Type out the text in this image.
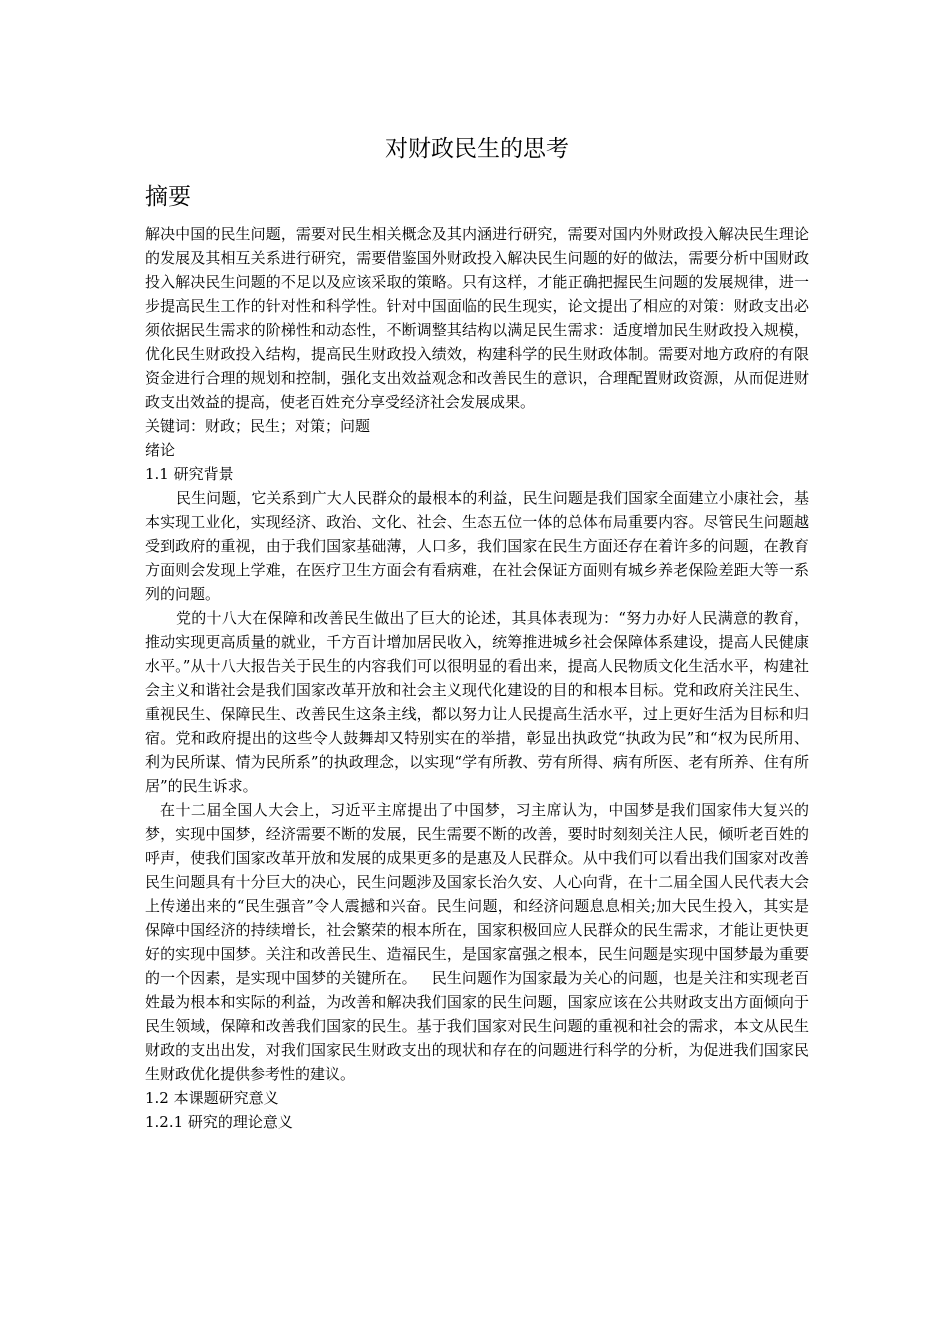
对财政民生的思考
摘要

解决中国的民生问题，需要对民生相关概念及其内涵进行研究，需要对国内外财政投入解决民生理论的发展及其相互关系进行研究，需要借鉴国外财政投入解决民生问题的好的做法，需要分析中国财政投入解决民生问题的不足以及应该采取的策略。只有这样，才能正确把握民生问题的发展规律，进一步提高民生工作的针对性和科学性。针对中国面临的民生现实，论文提出了相应的对策：财政支出必须依据民生需求的阶梯性和动态性，不断调整其结构以满足民生需求：适度增加民生财政投入规模，优化民生财政投入结构，提高民生财政投入绩效，构建科学的民生财政体制。需要对地方政府的有限资金进行合理的规划和控制，强化支出效益观念和改善民生的意识，合理配置财政资源，从而促进财政支出效益的提高，使老百姓充分享受经济社会发展成果。

关键词：财政；民生；对策；问题
绪论
1.1 研究背景

民生问题，它关系到广大人民群众的最根本的利益，民生问题是我们国家全面建立小康社会，基本实现工业化，实现经济、政治、文化、社会、生态五位一体的总体布局重要内容。尽管民生问题越受到政府的重视，由于我们国家基础薄，人口多，我们国家在民生方面还存在着许多的问题，在教育方面则会发现上学难，在医疗卫生方面会有看病难，在社会保证方面则有城乡养老保险差距大等一系列的问题。

党的十八大在保障和改善民生做出了巨大的论述，其具体表现为：“努力办好人民满意的教育，推动实现更高质量的就业，千方百计增加居民收入，统筹推进城乡社会保障体系建设，提高人民健康水平。”从十八大报告关于民生的内容我们可以很明显的看出来，提高人民物质文化生活水平，构建社会主义和谐社会是我们国家改革开放和社会主义现代化建设的目的和根本目标。党和政府关注民生、重视民生、保障民生、改善民生这条主线，都以努力让人民提高生活水平，过上更好生活为目标和归宿。党和政府提出的这些令人鼓舞却又特别实在的举措，彰显出执政党“执政为民”和“权为民所用、利为民所谋、情为民所系”的执政理念，以实现“学有所教、劳有所得、病有所医、老有所养、住有所居”的民生诉求。

在十二届全国人大会上，习近平主席提出了中国梦，习主席认为，中国梦是我们国家伟大复兴的梦，实现中国梦，经济需要不断的发展，民生需要不断的改善，要时时刻刻关注人民，倾听老百姓的呼声，使我们国家改革开放和发展的成果更多的是惠及人民群众。从中我们可以看出我们国家对改善民生问题具有十分巨大的决心，民生问题涉及国家长治久安、人心向背，在十二届全国人民代表大会上传递出来的“民生强音”令人震撼和兴奋。民生问题，和经济问题息息相关;加大民生投入，其实是保障中国经济的持续增长，社会繁荣的根本所在，国家积极回应人民群众的民生需求，才能让更快更好的实现中国梦。关注和改善民生、造福民生，是国家富强之根本，民生问题是实现中国梦最为重要的一个因素，是实现中国梦的关键所在。 民生问题作为国家最为关心的问题，也是关注和实现老百姓最为根本和实际的利益，为改善和解决我们国家的民生问题，国家应该在公共财政支出方面倾向于民生领域，保障和改善我们国家的民生。基于我们国家对民生问题的重视和社会的需求，本文从民生财政的支出出发，对我们国家民生财政支出的现状和存在的问题进行科学的分析，为促进我们国家民生财政优化提供参考性的建议。

1.2 本课题研究意义
1.2.1 研究的理论意义
